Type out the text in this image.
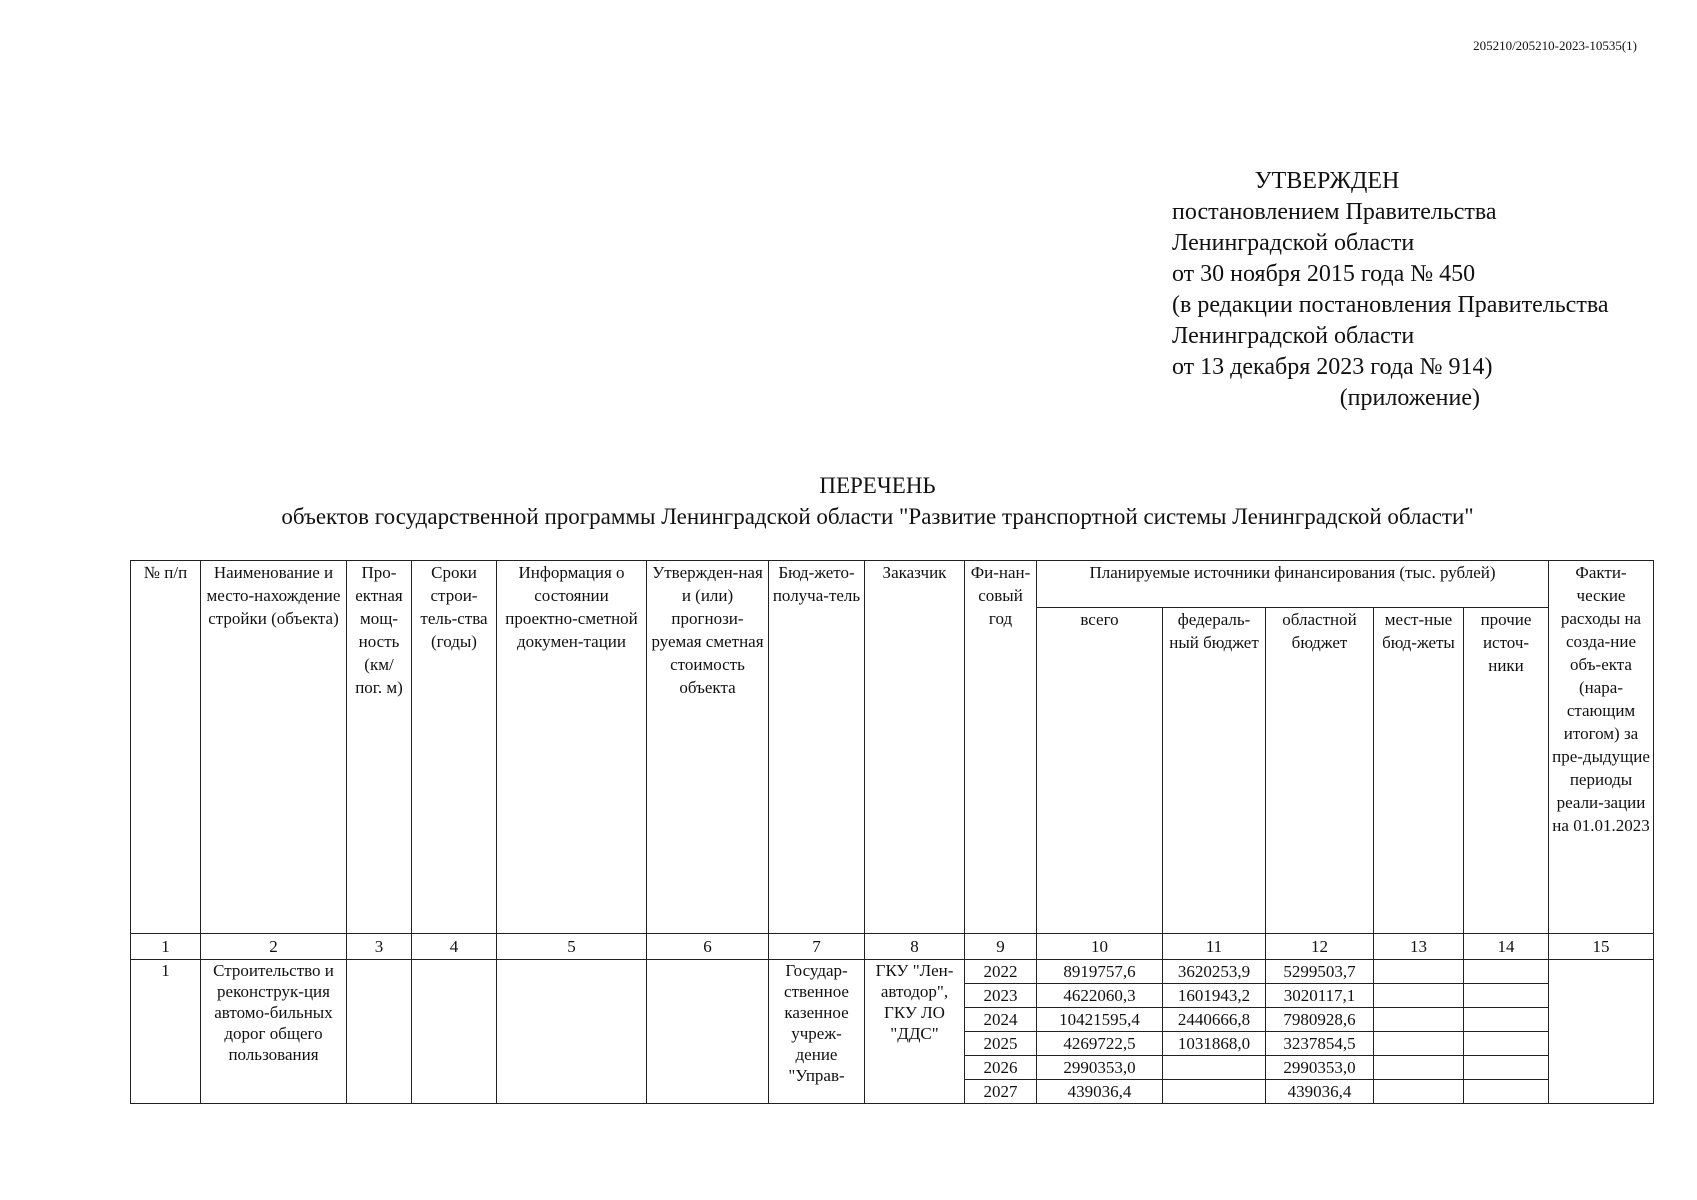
205210/205210-2023-10535(1)
УТВЕРЖДЕН
постановлением Правительства
Ленинградской области
от 30 ноября 2015 года № 450
(в редакции постановления Правительства
Ленинградской области
от 13 декабря 2023 года № 914)
(приложение)
ПЕРЕЧЕНЬ
объектов государственной программы Ленинградской области "Развитие транспортной системы Ленинградской области"
№ п/п	Наименование и место-нахождение стройки (объекта)	Про-ектная мощ-ность (км/ пог. м)	Сроки строи-тель-ства (годы)	Информация о состоянии проектно-сметной докумен-тации	Утвержден-ная и (или) прогнози-руемая сметная стоимость объекта	Бюд-жето-получа-тель	Заказчик	Фи-нан-совый год	Планируемые источники финансирования (тыс. рублей)					Факти-ческие расходы на созда-ние объ-екта (нара-стающим итогом) за пре-дыдущие периоды реали-зации на 01.01.2023
									всего	федераль-ный бюджет	областной бюджет	мест-ные бюд-жеты	прочие источ-ники	
1	2	3	4	5	6	7	8	9	10	11	12	13	14	15
1	Строительство и реконструк-ция автомо-бильных дорог общего пользования					Государ-ственное казенное учреж-дение "Управ-	ГКУ "Лен-автодор", ГКУ ЛО "ДДС"	2022	8919757,6	3620253,9	5299503,7			
								2023	4622060,3	1601943,2	3020117,1			
								2024	10421595,4	2440666,8	7980928,6			
								2025	4269722,5	1031868,0	3237854,5			
								2026	2990353,0		2990353,0			
								2027	439036,4		439036,4			
